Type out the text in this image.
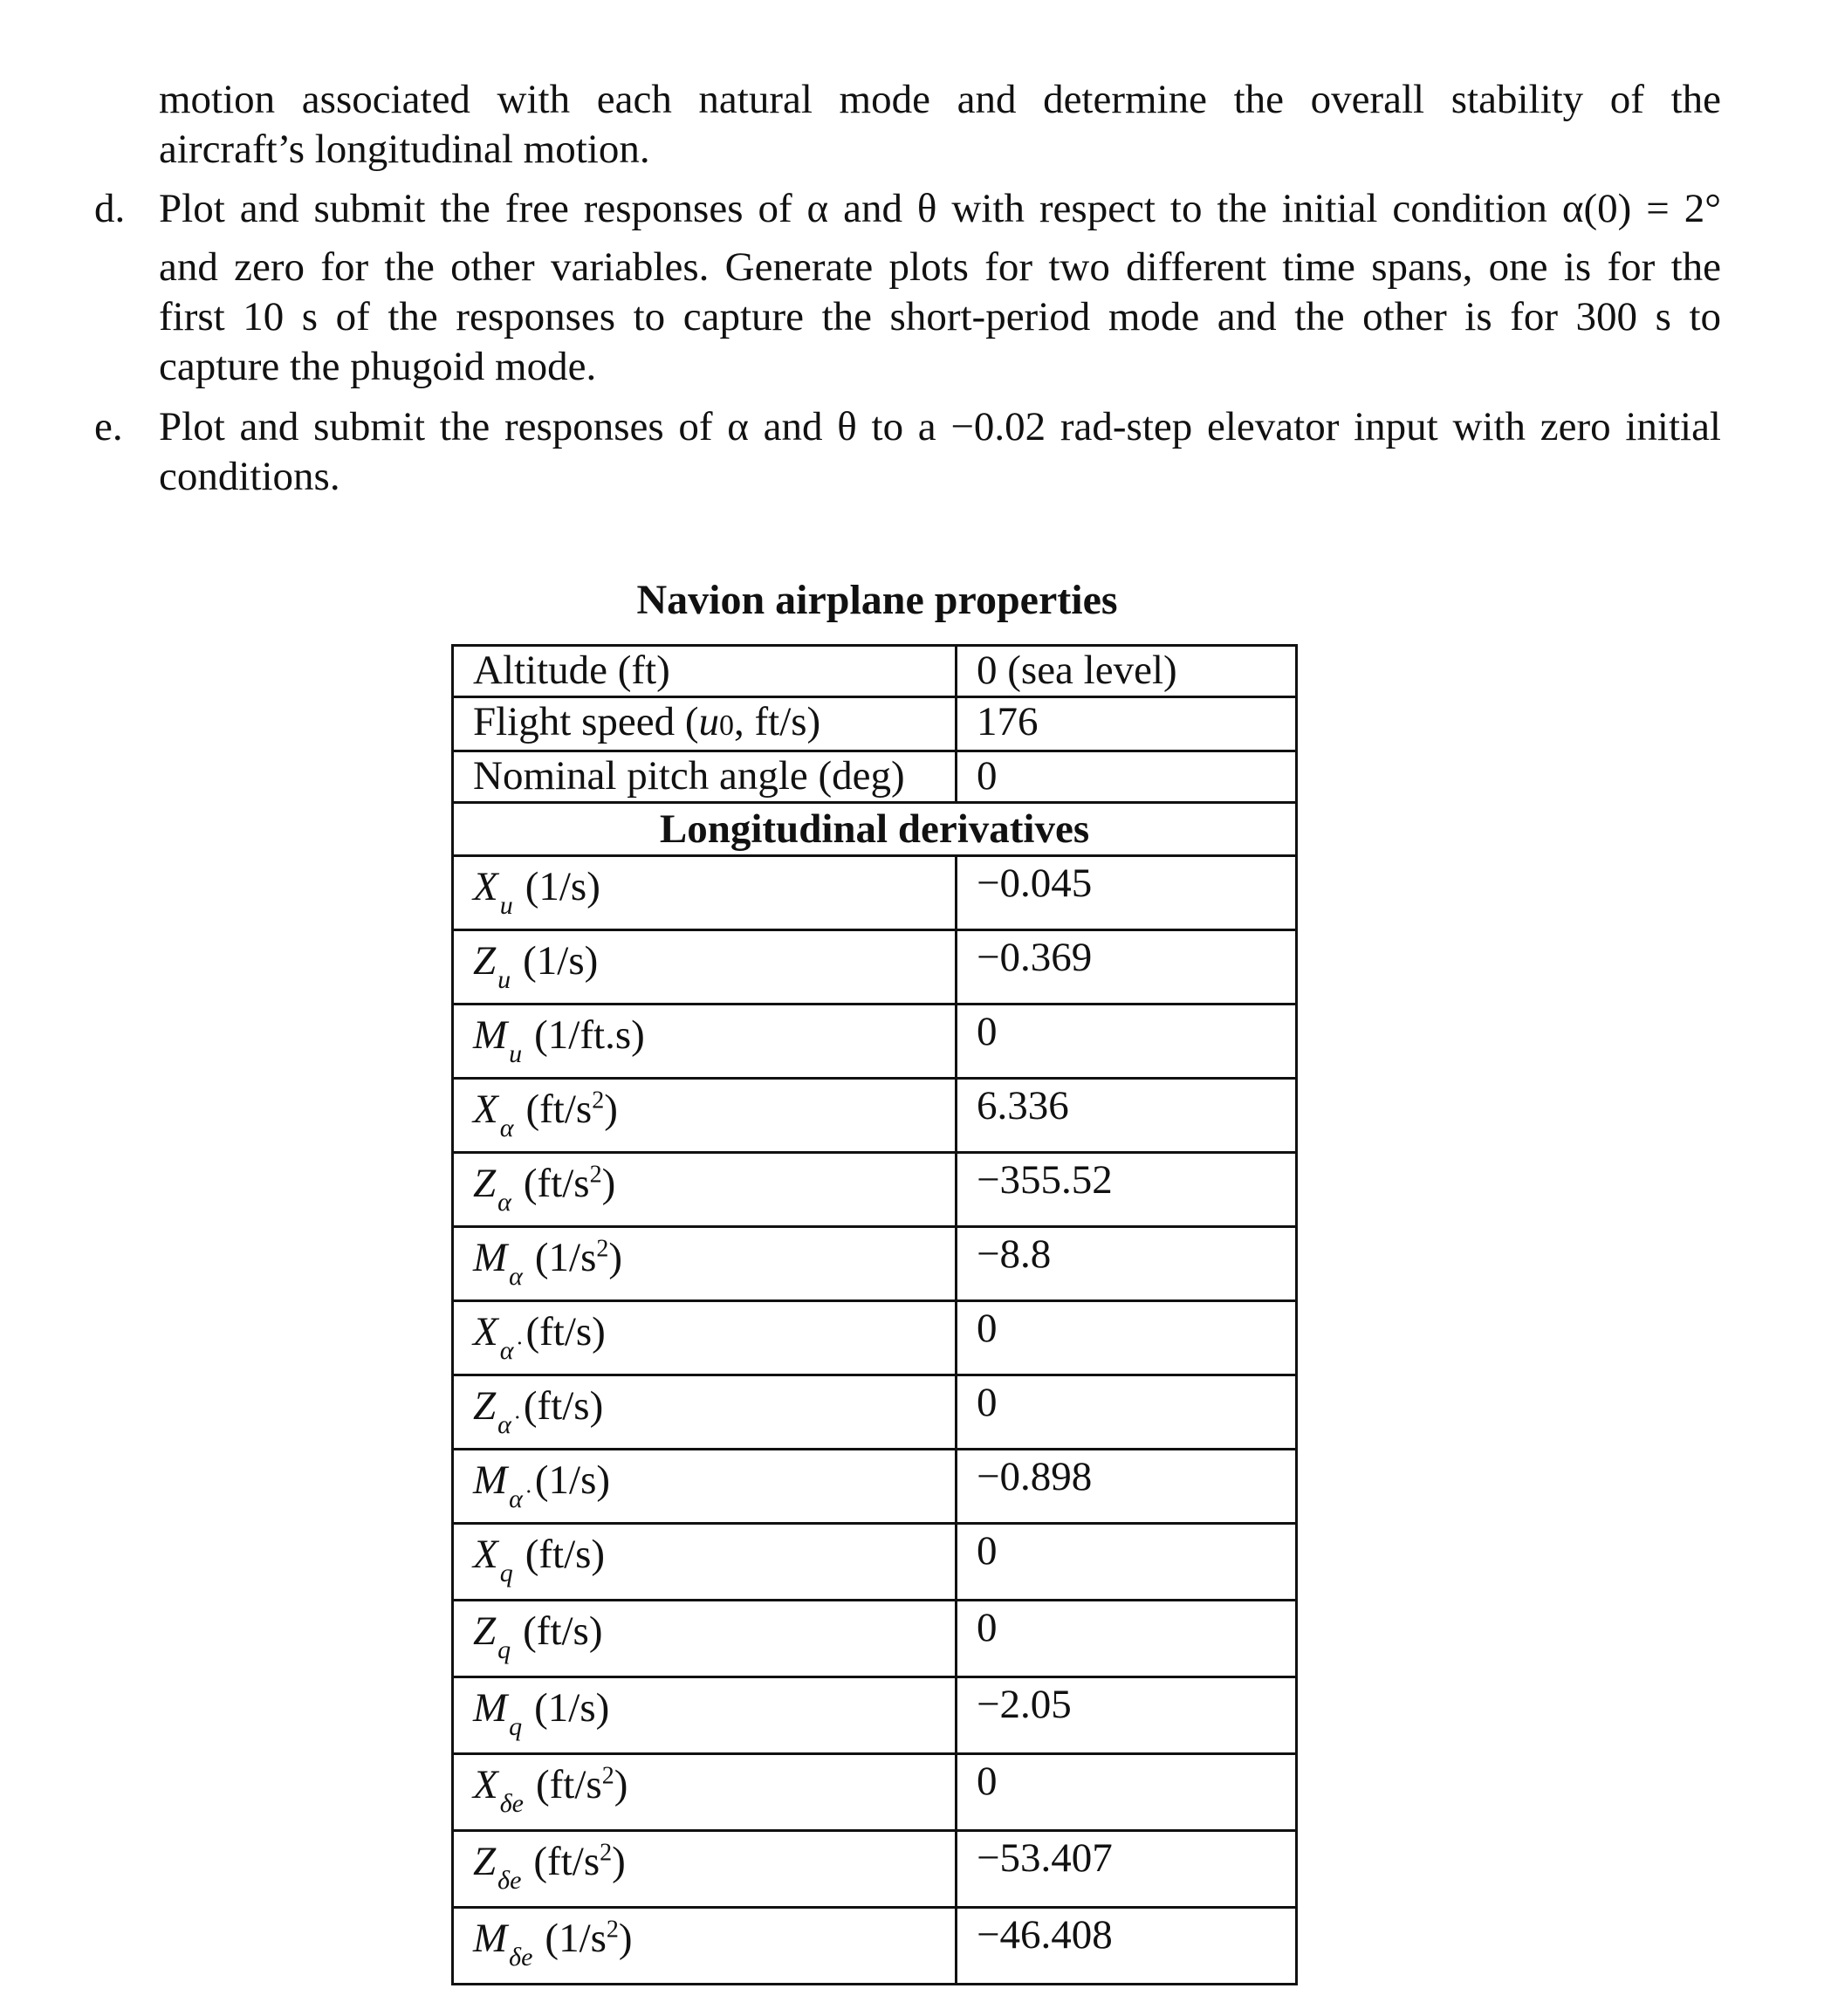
motion associated with each natural mode and determine the overall stability of the
aircraft’s longitudinal motion.

d. Plot and submit the free responses of α and θ with respect to the initial condition α(0) = 2°
and zero for the other variables. Generate plots for two different time spans, one is for the
first 10 s of the responses to capture the short-period mode and the other is for 300 s to
capture the phugoid mode.

e. Plot and submit the responses of α and θ to a −0.02 rad-step elevator input with zero initial
conditions.

Navion airplane properties
Altitude (ft)	0 (sea level)
Flight speed (u0, ft/s)	176
Nominal pitch angle (deg)	0
Longitudinal derivatives	
$X_u$ (1/s)	−0.045
$Z_u$ (1/s)	−0.369
$M_u$ (1/ft.s)	0
$X_\alpha$ $(ft/s^2)$	6.336
$Z_\alpha$ $(ft/s^2)$	−355.52
$M_\alpha$ $(1/s^2)$	−8.8
$X_{\alphȧ}$ (ft/s)	0
$Z_{\alphȧ}$ (ft/s)	0
$M_{\alphȧ}$ (1/s)	−0.898
$X_q$ (ft/s)	0
$Z_q$ (ft/s)	0
$M_q$ (1/s)	−2.05
$X_{\delta e}$ $(ft/s^2)$	0
$Z_{\delta e}$ $(ft/s^2)$	−53.407
$M_{\delta e}$ $(1/s^2)$	−46.408
